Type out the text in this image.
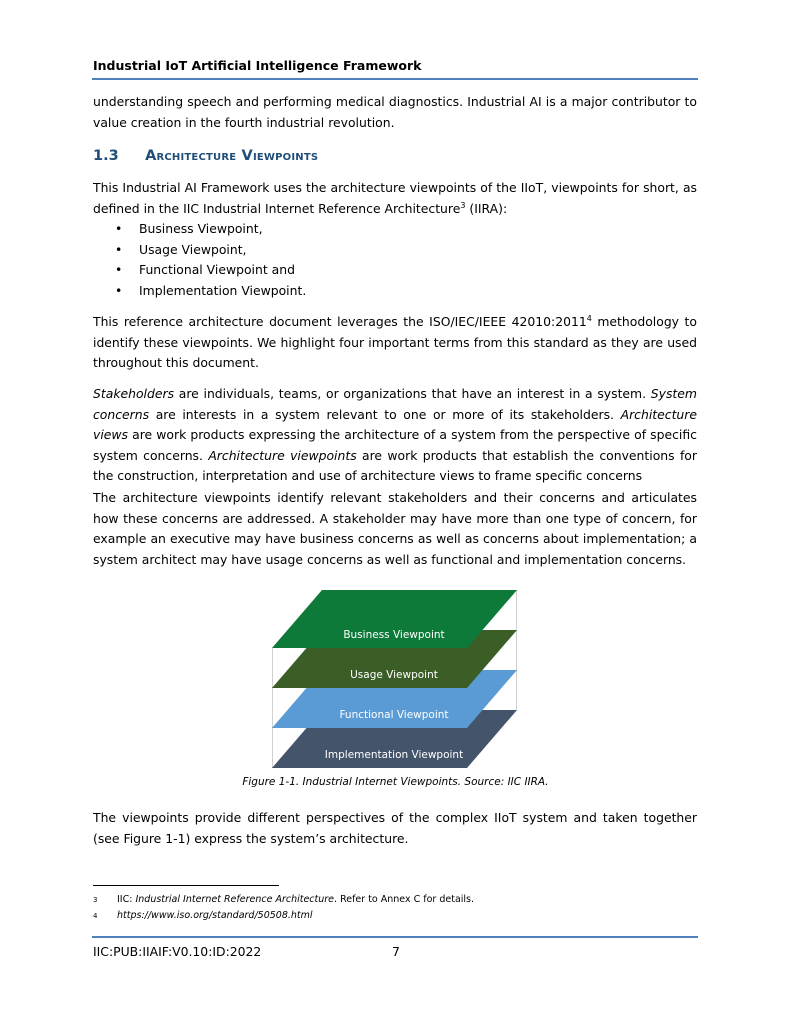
Industrial IoT Artificial Intelligence Framework

understanding speech and performing medical diagnostics. Industrial AI is a major contributor to value creation in the fourth industrial revolution.

1.3 Architecture Viewpoints

This Industrial AI Framework uses the architecture viewpoints of the IIoT, viewpoints for short, as defined in the IIC Industrial Internet Reference Architecture$^3$ (IIRA):

• Business Viewpoint,
• Usage Viewpoint,
• Functional Viewpoint and
• Implementation Viewpoint.

This reference architecture document leverages the ISO/IEC/IEEE 42010:2011$^4$ methodology to identify these viewpoints. We highlight four important terms from this standard as they are used throughout this document.

Stakeholders are individuals, teams, or organizations that have an interest in a system. System concerns are interests in a system relevant to one or more of its stakeholders. Architecture views are work products expressing the architecture of a system from the perspective of specific system concerns. Architecture viewpoints are work products that establish the conventions for the construction, interpretation and use of architecture views to frame specific concerns

The architecture viewpoints identify relevant stakeholders and their concerns and articulates how these concerns are addressed. A stakeholder may have more than one type of concern, for example an executive may have business concerns as well as concerns about implementation; a system architect may have usage concerns as well as functional and implementation concerns.

Implementation Viewpoint
Functional Viewpoint
Usage Viewpoint
Business Viewpoint
Figure 1-1. Industrial Internet Viewpoints. Source: IIC IIRA.

The viewpoints provide different perspectives of the complex IIoT system and taken together (see Figure 1-1) express the system’s architecture.

3 IIC: Industrial Internet Reference Architecture. Refer to Annex C for details.
4 https://www.iso.org/standard/50508.html
IIC:PUB:IIAIF:V0.10:ID:2022	7
